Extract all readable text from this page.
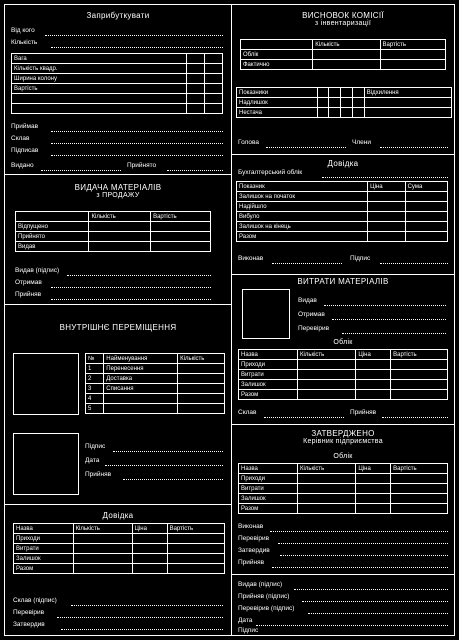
Заприбуткувати
Від кого
Кількість
Вага		
Кількість квадр.		
Ширина колону		
Вартість		

Приймав
Склав
Підписав
Видано	Прийнято
ВИДАЧА МАТЕРІАЛІВ
з ПРОДАЖУ
	Кількість	Вартість
Відпущено		
Прийнято		
Видав		
Видав (підпис)
Отримав
Прийняв
ВНУТРІШНЄ ПЕРЕМІЩЕННЯ
№	Найменування	Кількість
1	Перенесення	
2	Доставка	
3	Списання	
4		
5		
Підпис
Дата
Прийняв
Довідка
Назва	Кількість	Ціна	Вартість
Приходи			
Витрати			
Залишок			
Разом			
Склав (підпис)
Перевірив
Затвердив
ВИСНОВОК КОМІСІЇ
з інвентаризації
	Кількість	Вартість
Облік		
Фактично		
Показники					Відхилення
Надлишок					
Нестача					
Голова	Члени
Довідка
Бухгалтерський облік
Показник	Ціна	Сума
Залишок на початок		
Надійшло		
Вибуло		
Залишок на кінець		
Разом		
Виконав	Підпис
ВИТРАТИ МАТЕРІАЛІВ
Видав
Отримав
Перевірив
Облік
Назва	Кількість	Ціна	Вартість
Приходи			
Витрати			
Залишок			
Разом			
Склав	Прийняв
ЗАТВЕРДЖЕНО
Керівник підприємства
Облік
Назва	Кількість	Ціна	Вартість
Приходи			
Витрати			
Залишок			
Разом			
Виконав
Перевірив
Затвердив
Прийняв
Видав (підпис)
Прийняв (підпис)
Перевірив (підпис)
Дата
Підпис
